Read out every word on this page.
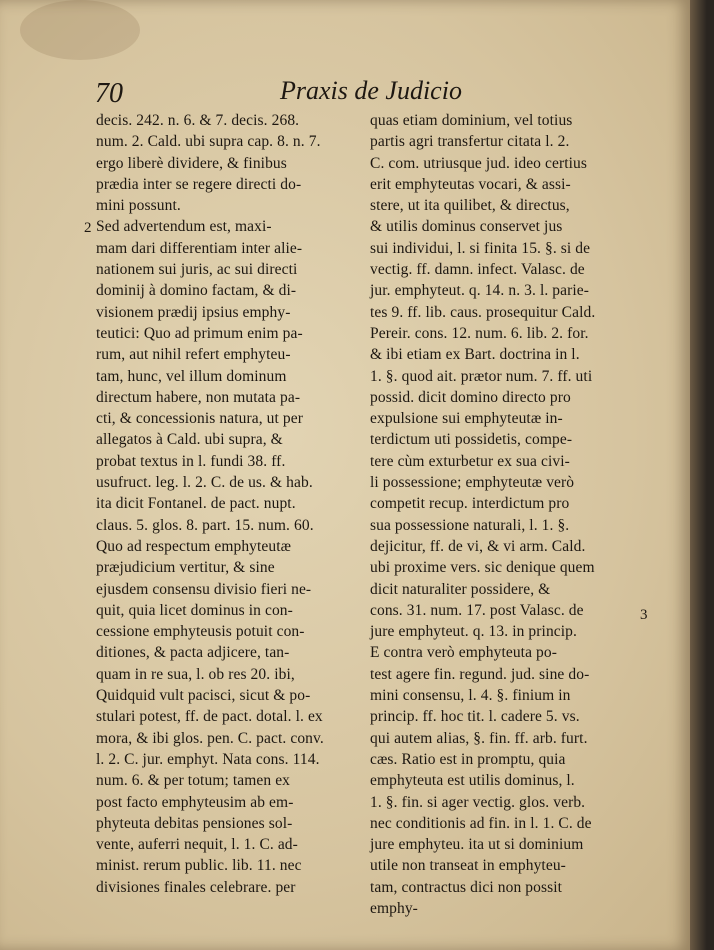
70	Praxis de Judicio
2
3
decis. 242. n. 6. & 7. decis. 268.
num. 2. Cald. ubi supra cap. 8. n. 7.
ergo liberè dividere, & finibus
prædia inter se regere directi do-
mini possunt.
Sed advertendum est, maxi-
mam dari differentiam inter alie-
nationem sui juris, ac sui directi
dominij à domino factam, & di-
visionem prædij ipsius emphy-
teutici: Quo ad primum enim pa-
rum, aut nihil refert emphyteu-
tam, hunc, vel illum dominum
directum habere, non mutata pa-
cti, & concessionis natura, ut per
allegatos à Cald. ubi supra, &
probat textus in l. fundi 38. ff.
usufruct. leg. l. 2. C. de us. & hab.
ita dicit Fontanel. de pact. nupt.
claus. 5. glos. 8. part. 15. num. 60.
Quo ad respectum emphyteutæ
præjudicium vertitur, & sine
ejusdem consensu divisio fieri ne-
quit, quia licet dominus in con-
cessione emphyteusis potuit con-
ditiones, & pacta adjicere, tan-
quam in re sua, l. ob res 20. ibi,
Quidquid vult pacisci, sicut & po-
stulari potest, ff. de pact. dotal. l. ex
mora, & ibi glos. pen. C. pact. conv.
l. 2. C. jur. emphyt. Nata cons. 114.
num. 6. & per totum; tamen ex
post facto emphyteusim ab em-
phyteuta debitas pensiones sol-
vente, auferri nequit, l. 1. C. ad-
minist. rerum public. lib. 11. nec
divisiones finales celebrare. per
quas etiam dominium, vel totius
partis agri transfertur citata l. 2.
C. com. utriusque jud. ideo certius
erit emphyteutas vocari, & assi-
stere, ut ita quilibet, & directus,
& utilis dominus conservet jus
sui individui, l. si finita 15. §. si de
vectig. ff. damn. infect. Valasc. de
jur. emphyteut. q. 14. n. 3. l. parie-
tes 9. ff. lib. caus. prosequitur Cald.
Pereir. cons. 12. num. 6. lib. 2. for.
& ibi etiam ex Bart. doctrina in l.
1. §. quod ait. prætor num. 7. ff. uti
possid. dicit domino directo pro
expulsione sui emphyteutæ in-
terdictum uti possidetis, compe-
tere cùm exturbetur ex sua civi-
li possessione; emphyteutæ verò
competit recup. interdictum pro
sua possessione naturali, l. 1. §.
dejicitur, ff. de vi, & vi arm. Cald.
ubi proxime vers. sic denique quem
dicit naturaliter possidere, &
cons. 31. num. 17. post Valasc. de
jure emphyteut. q. 13. in princip.
E contra verò emphyteuta po-
test agere fin. regund. jud. sine do-
mini consensu, l. 4. §. finium in
princip. ff. hoc tit. l. cadere 5. vs.
qui autem alias, §. fin. ff. arb. furt.
cæs. Ratio est in promptu, quia
emphyteuta est utilis dominus, l.
1. §. fin. si ager vectig. glos. verb.
nec conditionis ad fin. in l. 1. C. de
jure emphyteu. ita ut si dominium
utile non transeat in emphyteu-
tam, contractus dici non possit
emphy-
